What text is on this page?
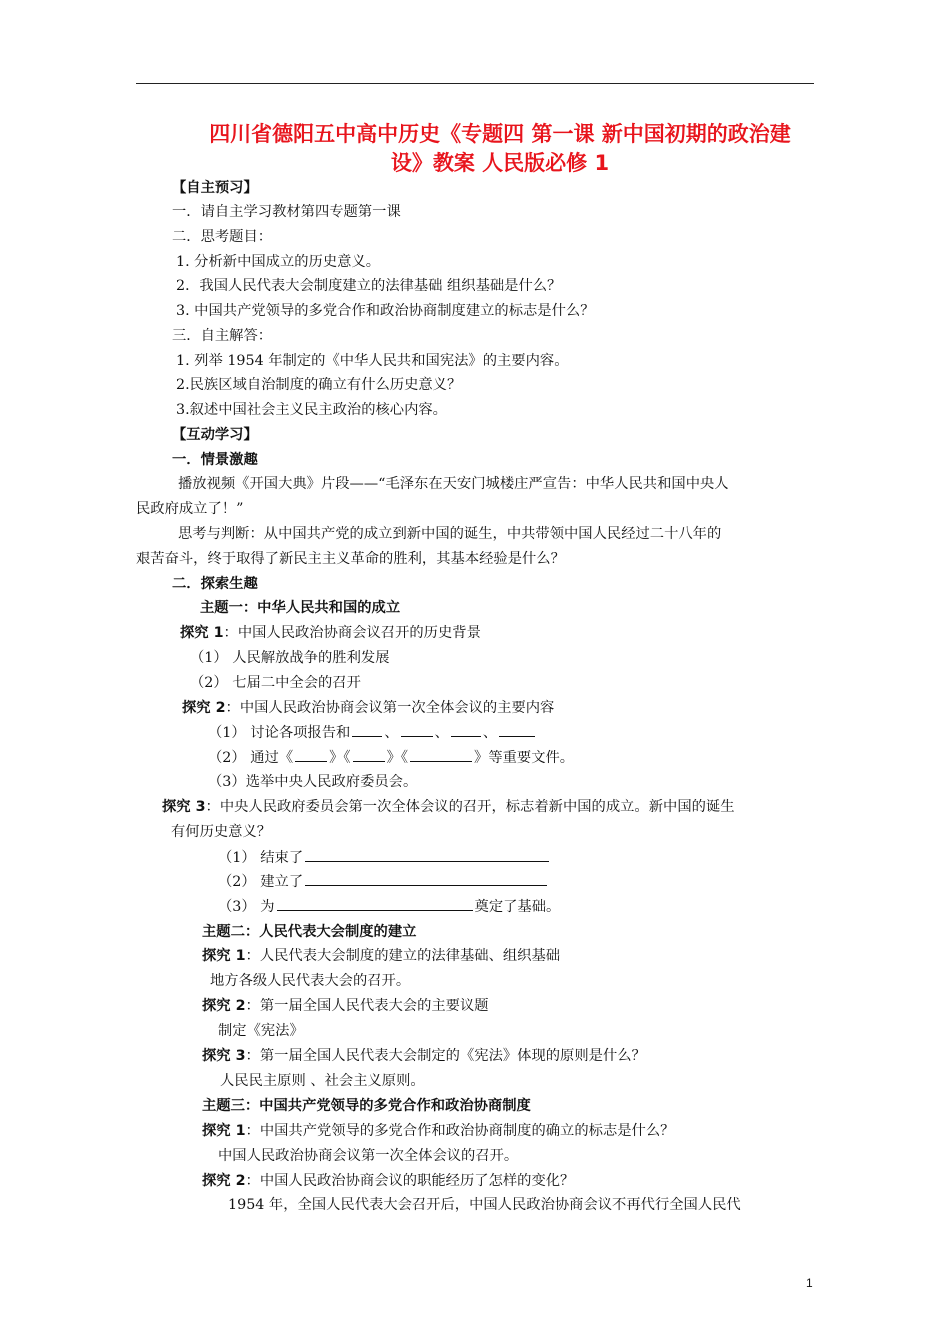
四川省德阳五中高中历史《专题四 第一课 新中国初期的政治建
设》教案 人民版必修 1
【自主预习】
一．请自主学习教材第四专题第一课
二．思考题目：
1. 分析新中国成立的历史意义。
2．我国人民代表大会制度建立的法律基础 组织基础是什么？
3. 中国共产党领导的多党合作和政治协商制度建立的标志是什么？
三．自主解答：
1. 列举 1954 年制定的《中华人民共和国宪法》的主要内容。
2.民族区域自治制度的确立有什么历史意义？
3.叙述中国社会主义民主政治的核心内容。
【互动学习】
一．情景激趣
播放视频《开国大典》片段——“毛泽东在天安门城楼庄严宣告：中华人民共和国中央人
民政府成立了！”
思考与判断：从中国共产党的成立到新中国的诞生，中共带领中国人民经过二十八年的
艰苦奋斗，终于取得了新民主主义革命的胜利，其基本经验是什么？
二．探索生趣
主题一：中华人民共和国的成立
探究 1：中国人民政治协商会议召开的历史背景
（1） 人民解放战争的胜利发展
（2） 七届二中全会的召开
探究 2：中国人民政治协商会议第一次全体会议的主要内容
（1） 讨论各项报告和 、	、 、
（2） 通过《	》《	》《	》等重要文件。
（3）选举中央人民政府委员会。
探究 3：中央人民政府委员会第一次全体会议的召开，标志着新中国的成立。新中国的诞生
有何历史意义？
（1） 结束了
（2） 建立了
（3） 为	奠定了基础。
主题二：人民代表大会制度的建立
探究 1：人民代表大会制度的建立的法律基础、组织基础
地方各级人民代表大会的召开。
探究 2：第一届全国人民代表大会的主要议题
制定《宪法》
探究 3：第一届全国人民代表大会制定的《宪法》体现的原则是什么？
人民民主原则 、社会主义原则。
主题三：中国共产党领导的多党合作和政治协商制度
探究 1：中国共产党领导的多党合作和政治协商制度的确立的标志是什么？
中国人民政治协商会议第一次全体会议的召开。
探究 2：中国人民政治协商会议的职能经历了怎样的变化？
1954 年，全国人民代表大会召开后，中国人民政治协商会议不再代行全国人民代
1
